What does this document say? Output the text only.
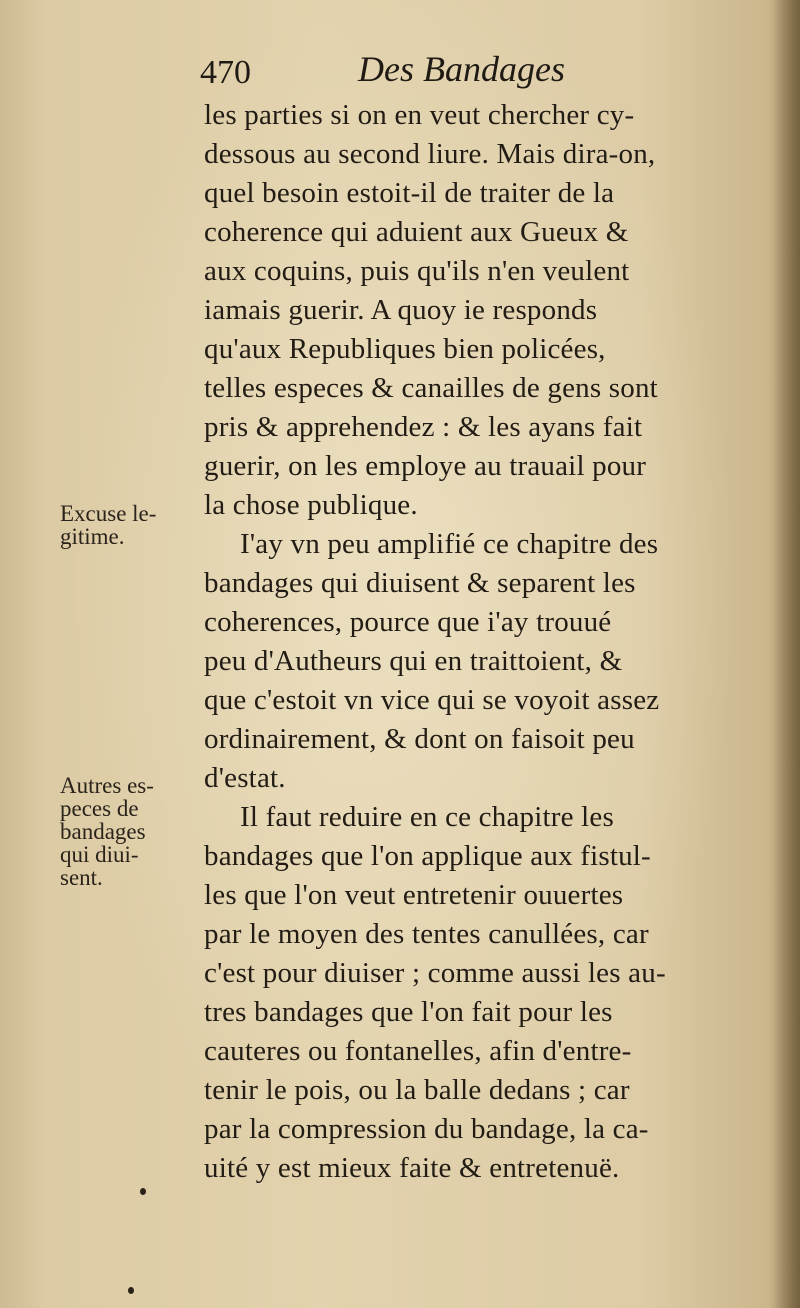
470	Des Bandages
les parties si on en veut chercher cy-
dessous au second liure. Mais dira-on,
quel besoin estoit-il de traiter de la
coherence qui aduient aux Gueux &
aux coquins, puis qu'ils n'en veulent
iamais guerir. A quoy ie responds
qu'aux Republiques bien policées,
telles especes & canailles de gens sont
pris & apprehendez : & les ayans fait
guerir, on les employe au trauail pour
la chose publique.
I'ay vn peu amplifié ce chapitre des
bandages qui diuisent & separent les
coherences, pource que i'ay trouué
peu d'Autheurs qui en traittoient, &
que c'estoit vn vice qui se voyoit assez
ordinairement, & dont on faisoit peu
d'estat.
Il faut reduire en ce chapitre les
bandages que l'on applique aux fistul-
les que l'on veut entretenir ouuertes
par le moyen des tentes canullées, car
c'est pour diuiser ; comme aussi les au-
tres bandages que l'on fait pour les
cauteres ou fontanelles, afin d'entre-
tenir le pois, ou la balle dedans ; car
par la compression du bandage, la ca-
uité y est mieux faite & entretenuë.
Excuse le-
gitime.
Autres es-
peces de
bandages
qui diui-
sent.
